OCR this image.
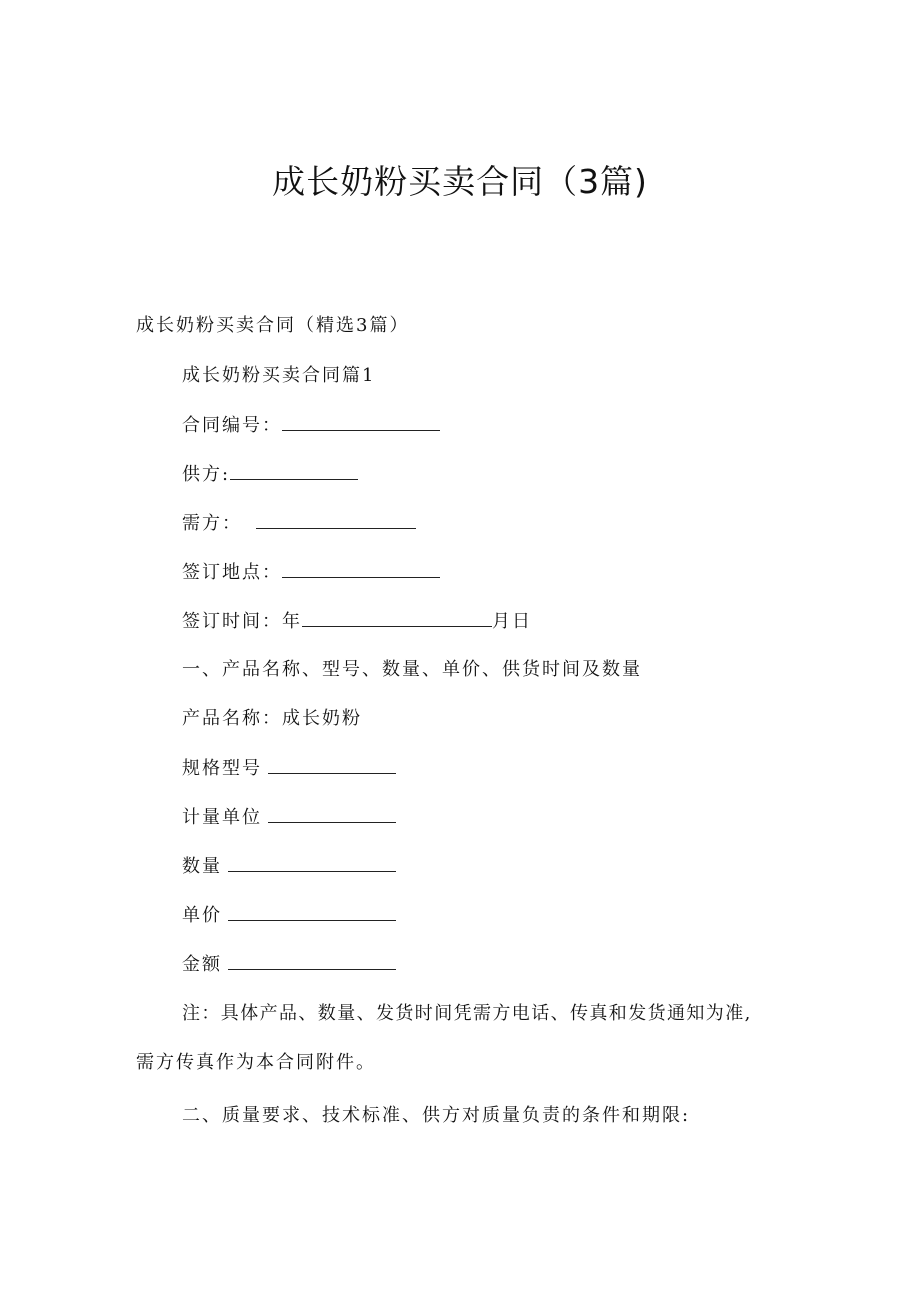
成长奶粉买卖合同（3篇)
成长奶粉买卖合同（精选3篇）
成长奶粉买卖合同篇1
合同编号：
供方:
需方：
签订地点：
签订时间：年	月日
一、产品名称、型号、数量、单价、供货时间及数量
产品名称：成长奶粉
规格型号
计量单位
数量
单价
金额
注：具体产品、数量、发货时间凭需方电话、传真和发货通知为准,
需方传真作为本合同附件。
二、质量要求、技术标准、供方对质量负责的条件和期限:
